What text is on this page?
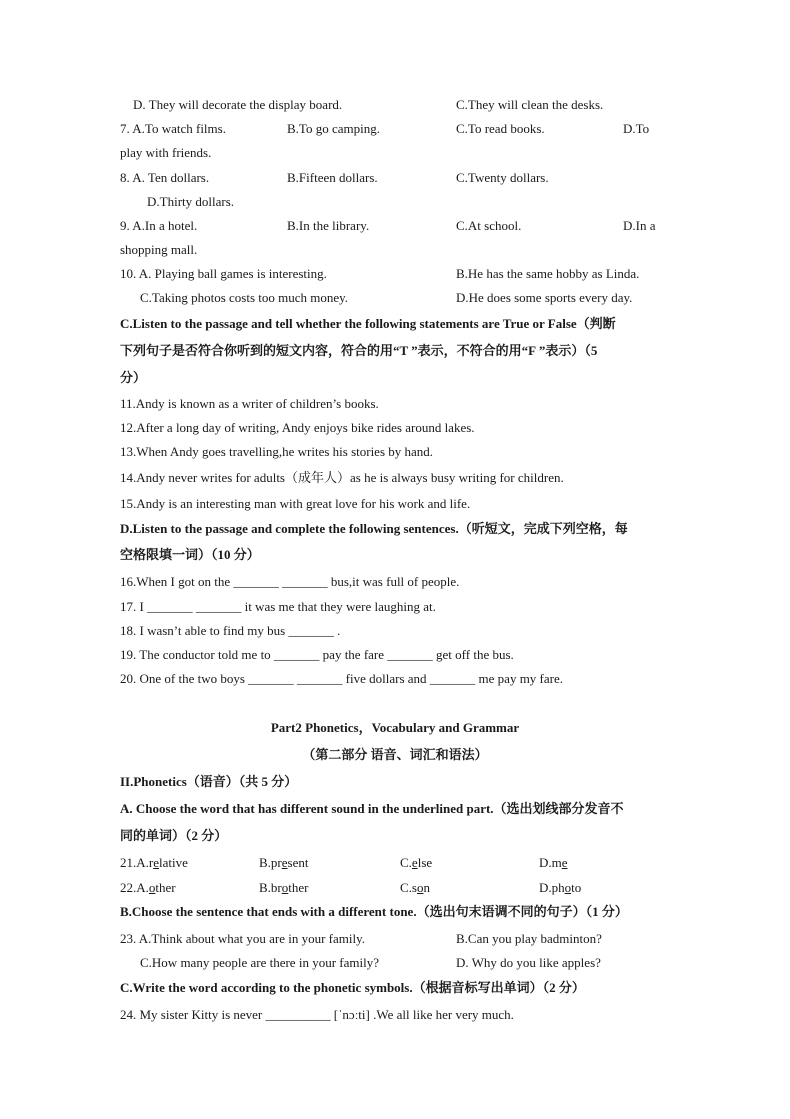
D. They will decorate the display board.	C.They will clean the desks.
7. A.To watch films.	B.To go camping.	C.To read books.	D.To
play with friends.
8. A. Ten dollars.	B.Fifteen dollars.	C.Twenty dollars.
D.Thirty dollars.
9. A.In a hotel.	B.In the library.	C.At school.	D.In a
shopping mall.
10. A. Playing ball games is interesting.	B.He has the same hobby as Linda.
C.Taking photos costs too much money.	D.He does some sports every day.
C.Listen to the passage and tell whether the following statements are True or False（判断
下列句子是否符合你听到的短文内容，符合的用“T ”表示，不符合的用“F ”表示）（5
分）
11.Andy is known as a writer of children’s books.
12.After a long day of writing, Andy enjoys bike rides around lakes.
13.When Andy goes travelling,he writes his stories by hand.
14.Andy never writes for adults（成年人）as he is always busy writing for children.
15.Andy is an interesting man with great love for his work and life.
D.Listen to the passage and complete the following sentences.（听短文，完成下列空格，每
空格限填一词）（10 分）
16.When I got on the _______ _______ bus,it was full of people.
17. I _______ _______ it was me that they were laughing at.
18. I wasn’t able to find my bus _______ .
19. The conductor told me to _______ pay the fare _______ get off the bus.
20. One of the two boys _______ _______ five dollars and _______ me pay my fare.
Part2 Phonetics，Vocabulary and Grammar
（第二部分 语音、词汇和语法）
II.Phonetics（语音）（共 5 分）
A. Choose the word that has different sound in the underlined part.（选出划线部分发音不
同的单词）（2 分）
21.A.relative	B.present	C.else	D.me
22.A.other	B.brother	C.son	D.photo
B.Choose the sentence that ends with a different tone.（选出句末语调不同的句子）（1 分）
23. A.Think about what you are in your family.	B.Can you play badminton?
C.How many people are there in your family?	D. Why do you like apples?
C.Write the word according to the phonetic symbols.（根据音标写出单词）（2 分）
24. My sister Kitty is never __________ [ˈnɔːti] .We all like her very much.
